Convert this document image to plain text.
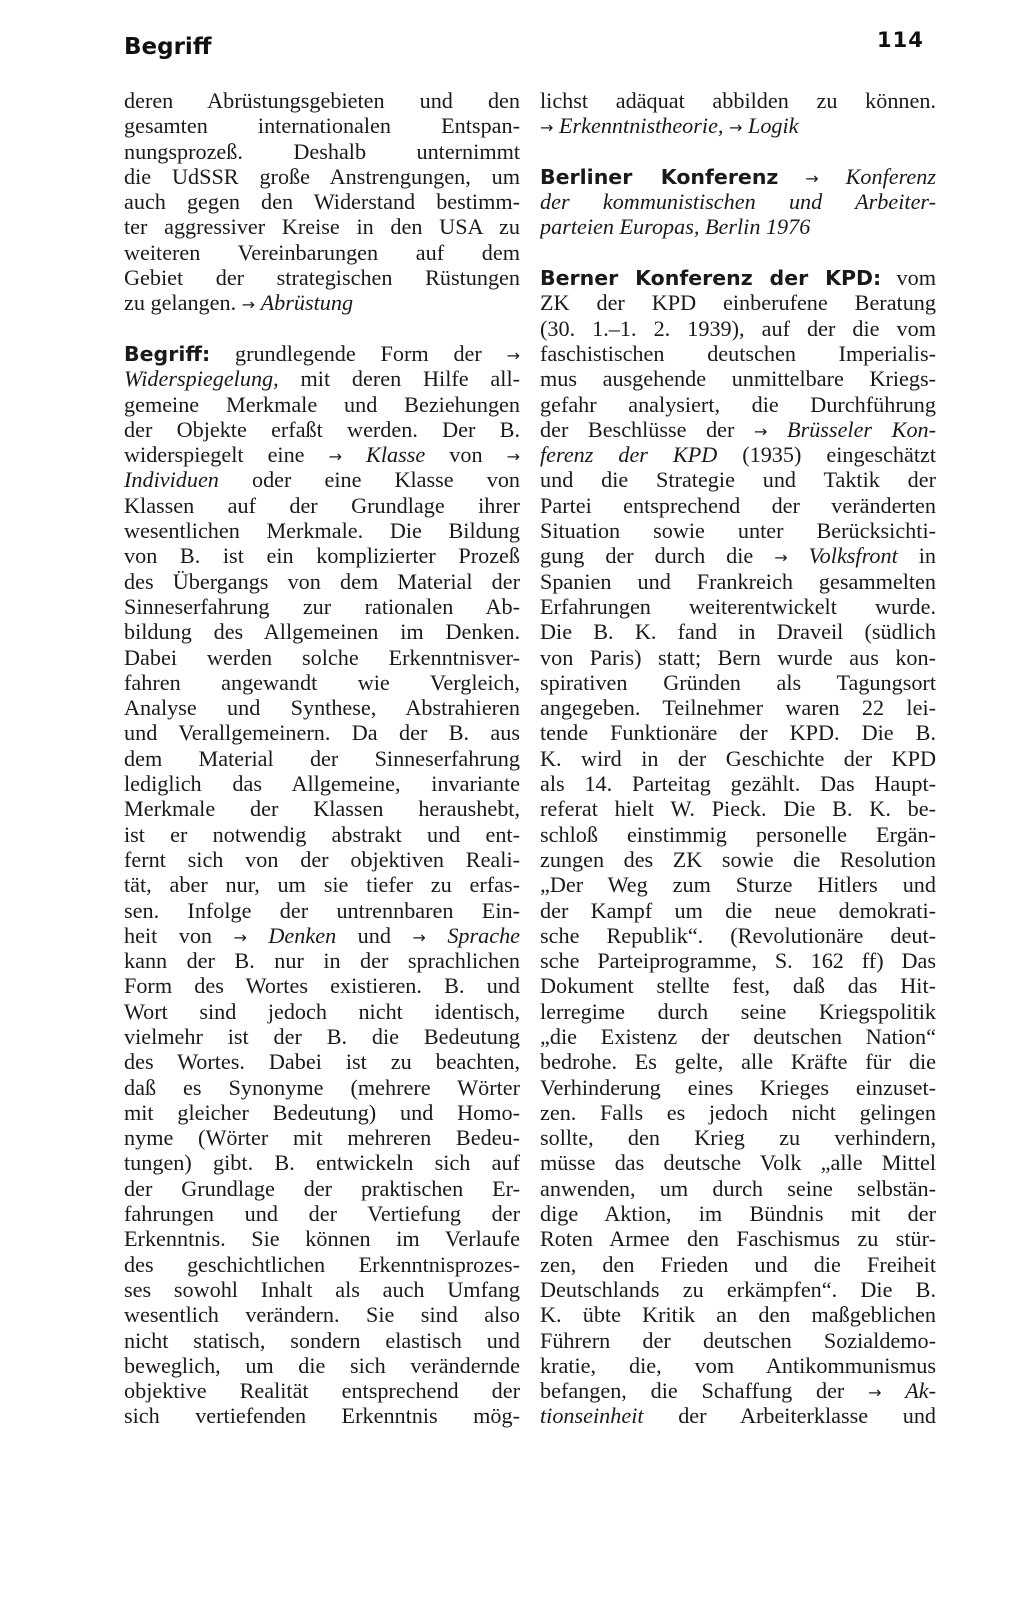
Begriff	114
deren Abrüstungsgebieten und den
gesamten internationalen Entspan-
nungsprozeß. Deshalb unternimmt
die UdSSR große Anstrengungen, um
auch gegen den Widerstand bestimm-
ter aggressiver Kreise in den USA zu
weiteren Vereinbarungen auf dem
Gebiet der strategischen Rüstungen
zu gelangen. → Abrüstung
Begriff: grundlegende Form der →
Widerspiegelung, mit deren Hilfe all-
gemeine Merkmale und Beziehungen
der Objekte erfaßt werden. Der B.
widerspiegelt eine → Klasse von →
Individuen oder eine Klasse von
Klassen auf der Grundlage ihrer
wesentlichen Merkmale. Die Bildung
von B. ist ein komplizierter Prozeß
des Übergangs von dem Material der
Sinneserfahrung zur rationalen Ab-
bildung des Allgemeinen im Denken.
Dabei werden solche Erkenntnisver-
fahren angewandt wie Vergleich,
Analyse und Synthese, Abstrahieren
und Verallgemeinern. Da der B. aus
dem Material der Sinneserfahrung
lediglich das Allgemeine, invariante
Merkmale der Klassen heraushebt,
ist er notwendig abstrakt und ent-
fernt sich von der objektiven Reali-
tät, aber nur, um sie tiefer zu erfas-
sen. Infolge der untrennbaren Ein-
heit von → Denken und → Sprache
kann der B. nur in der sprachlichen
Form des Wortes existieren. B. und
Wort sind jedoch nicht identisch,
vielmehr ist der B. die Bedeutung
des Wortes. Dabei ist zu beachten,
daß es Synonyme (mehrere Wörter
mit gleicher Bedeutung) und Homo-
nyme (Wörter mit mehreren Bedeu-
tungen) gibt. B. entwickeln sich auf
der Grundlage der praktischen Er-
fahrungen und der Vertiefung der
Erkenntnis. Sie können im Verlaufe
des geschichtlichen Erkenntnisprozes-
ses sowohl Inhalt als auch Umfang
wesentlich verändern. Sie sind also
nicht statisch, sondern elastisch und
beweglich, um die sich verändernde
objektive Realität entsprechend der
sich vertiefenden Erkenntnis mög-
lichst adäquat abbilden zu können.
→ Erkenntnistheorie, → Logik
Berliner Konferenz → Konferenz
der kommunistischen und Arbeiter-
parteien Europas, Berlin 1976
Berner Konferenz der KPD: vom
ZK der KPD einberufene Beratung
(30. 1.–1. 2. 1939), auf der die vom
faschistischen deutschen Imperialis-
mus ausgehende unmittelbare Kriegs-
gefahr analysiert, die Durchführung
der Beschlüsse der → Brüsseler Kon-
ferenz der KPD (1935) eingeschätzt
und die Strategie und Taktik der
Partei entsprechend der veränderten
Situation sowie unter Berücksichti-
gung der durch die → Volksfront in
Spanien und Frankreich gesammelten
Erfahrungen weiterentwickelt wurde.
Die B. K. fand in Draveil (südlich
von Paris) statt; Bern wurde aus kon-
spirativen Gründen als Tagungsort
angegeben. Teilnehmer waren 22 lei-
tende Funktionäre der KPD. Die B.
K. wird in der Geschichte der KPD
als 14. Parteitag gezählt. Das Haupt-
referat hielt W. Pieck. Die B. K. be-
schloß einstimmig personelle Ergän-
zungen des ZK sowie die Resolution
„Der Weg zum Sturze Hitlers und
der Kampf um die neue demokrati-
sche Republik“. (Revolutionäre deut-
sche Parteiprogramme, S. 162 ff) Das
Dokument stellte fest, daß das Hit-
lerregime durch seine Kriegspolitik
„die Existenz der deutschen Nation“
bedrohe. Es gelte, alle Kräfte für die
Verhinderung eines Krieges einzuset-
zen. Falls es jedoch nicht gelingen
sollte, den Krieg zu verhindern,
müsse das deutsche Volk „alle Mittel
anwenden, um durch seine selbstän-
dige Aktion, im Bündnis mit der
Roten Armee den Faschismus zu stür-
zen, den Frieden und die Freiheit
Deutschlands zu erkämpfen“. Die B.
K. übte Kritik an den maßgeblichen
Führern der deutschen Sozialdemo-
kratie, die, vom Antikommunismus
befangen, die Schaffung der → Ak-
tionseinheit der Arbeiterklasse und
